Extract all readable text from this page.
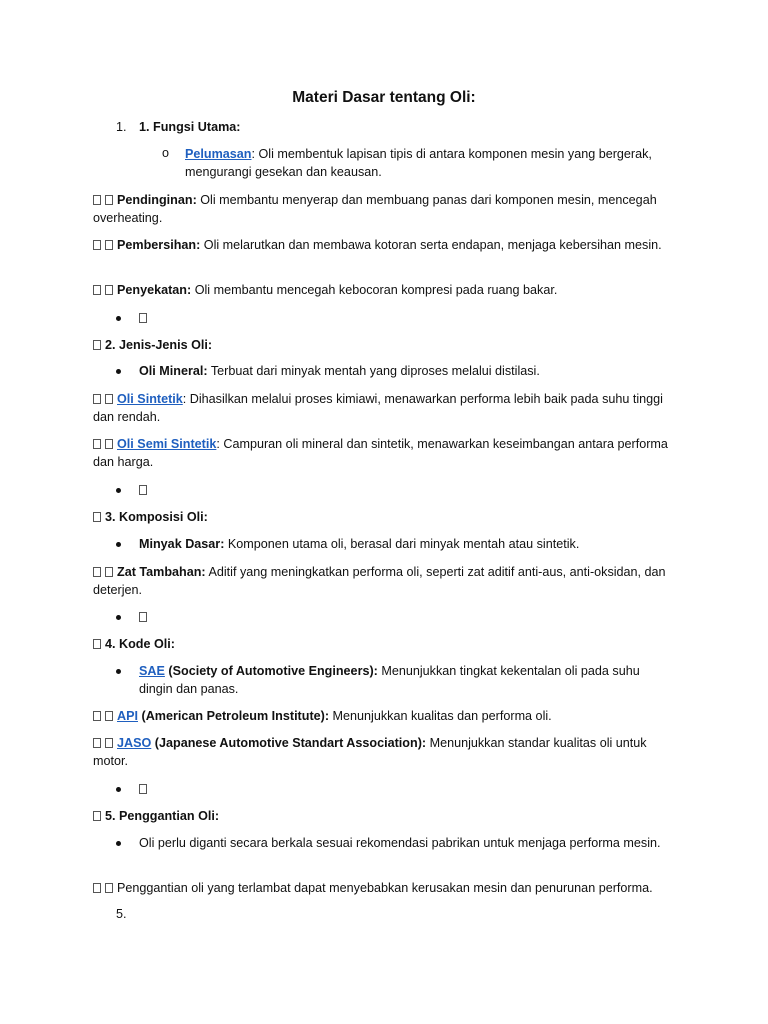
Materi Dasar tentang Oli:
1. 1. Fungsi Utama:
o Pelumasan: Oli membentuk lapisan tipis di antara komponen mesin yang bergerak, mengurangi gesekan dan keausan.
Pendinginan: Oli membantu menyerap dan membuang panas dari komponen mesin, mencegah overheating.
Pembersihan: Oli melarutkan dan membawa kotoran serta endapan, menjaga kebersihan mesin.
Penyekatan: Oli membantu mencegah kebocoran kompresi pada ruang bakar.
2. Jenis-Jenis Oli:
Oli Mineral: Terbuat dari minyak mentah yang diproses melalui distilasi.
Oli Sintetik: Dihasilkan melalui proses kimiawi, menawarkan performa lebih baik pada suhu tinggi dan rendah.
Oli Semi Sintetik: Campuran oli mineral dan sintetik, menawarkan keseimbangan antara performa dan harga.
3. Komposisi Oli:
Minyak Dasar: Komponen utama oli, berasal dari minyak mentah atau sintetik.
Zat Tambahan: Aditif yang meningkatkan performa oli, seperti zat aditif anti-aus, anti-oksidan, dan deterjen.
4. Kode Oli:
SAE (Society of Automotive Engineers): Menunjukkan tingkat kekentalan oli pada suhu dingin dan panas.
API (American Petroleum Institute): Menunjukkan kualitas dan performa oli.
JASO (Japanese Automotive Standart Association): Menunjukkan standar kualitas oli untuk motor.
5. Penggantian Oli:
Oli perlu diganti secara berkala sesuai rekomendasi pabrikan untuk menjaga performa mesin.
Penggantian oli yang terlambat dapat menyebabkan kerusakan mesin dan penurunan performa.
5.
